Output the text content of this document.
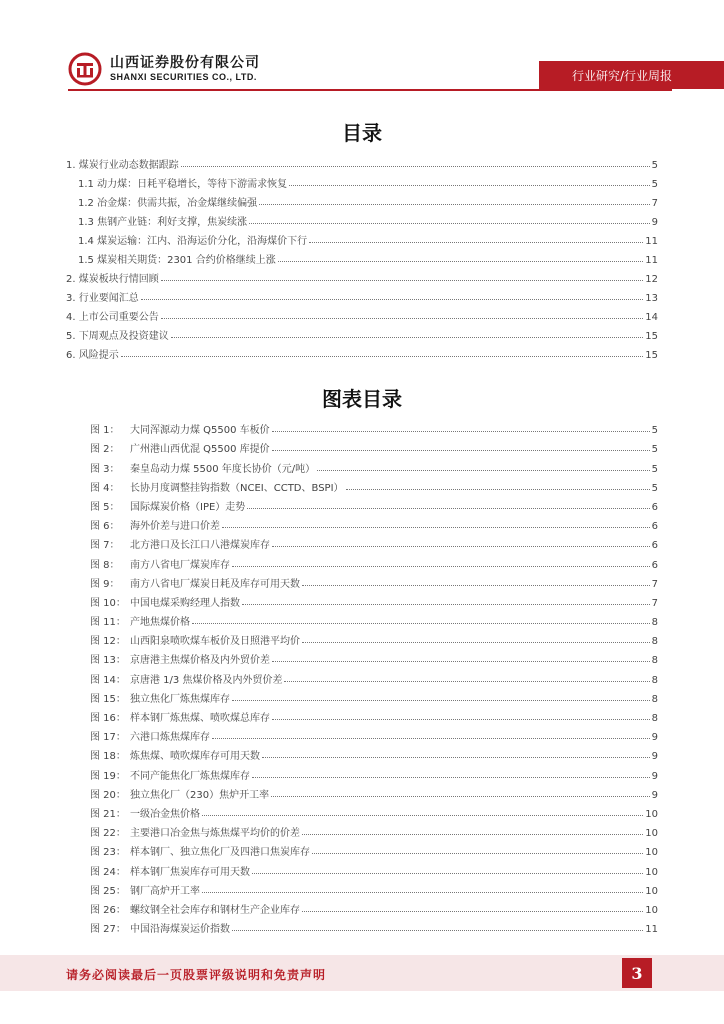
山西证券股份有限公司
SHANXI SECURITIES CO., LTD.	行业研究/行业周报
目录
1. 煤炭行业动态数据跟踪	5
1.1 动力煤：日耗平稳增长，等待下游需求恢复	5
1.2 冶金煤：供需共振，冶金煤继续偏强	7
1.3 焦钢产业链：利好支撑，焦炭续涨	9
1.4 煤炭运输：江内、沿海运价分化，沿海煤价下行	11
1.5 煤炭相关期货：2301 合约价格继续上涨	11
2. 煤炭板块行情回顾	12
3. 行业要闻汇总	13
4. 上市公司重要公告	14
5. 下周观点及投资建议	15
6. 风险提示	15
图表目录
图 1： 大同浑源动力煤 Q5500 车板价	5
图 2： 广州港山西优混 Q5500 库提价	5
图 3： 秦皇岛动力煤 5500 年度长协价（元/吨）	5
图 4： 长协月度调整挂钩指数（NCEI、CCTD、BSPI）	5
图 5： 国际煤炭价格（IPE）走势	6
图 6： 海外价差与进口价差	6
图 7： 北方港口及长江口八港煤炭库存	6
图 8： 南方八省电厂煤炭库存	6
图 9： 南方八省电厂煤炭日耗及库存可用天数	7
图 10： 中国电煤采购经理人指数	7
图 11： 产地焦煤价格	8
图 12： 山西阳泉喷吹煤车板价及日照港平均价	8
图 13： 京唐港主焦煤价格及内外贸价差	8
图 14： 京唐港 1/3 焦煤价格及内外贸价差	8
图 15： 独立焦化厂炼焦煤库存	8
图 16： 样本钢厂炼焦煤、喷吹煤总库存	8
图 17： 六港口炼焦煤库存	9
图 18： 炼焦煤、喷吹煤库存可用天数	9
图 19： 不同产能焦化厂炼焦煤库存	9
图 20： 独立焦化厂（230）焦炉开工率	9
图 21： 一级冶金焦价格	10
图 22： 主要港口冶金焦与炼焦煤平均价的价差	10
图 23： 样本钢厂、独立焦化厂及四港口焦炭库存	10
图 24： 样本钢厂焦炭库存可用天数	10
图 25： 钢厂高炉开工率	10
图 26： 螺纹钢全社会库存和钢材生产企业库存	10
图 27： 中国沿海煤炭运价指数	11
请务必阅读最后一页股票评级说明和免责声明	3
